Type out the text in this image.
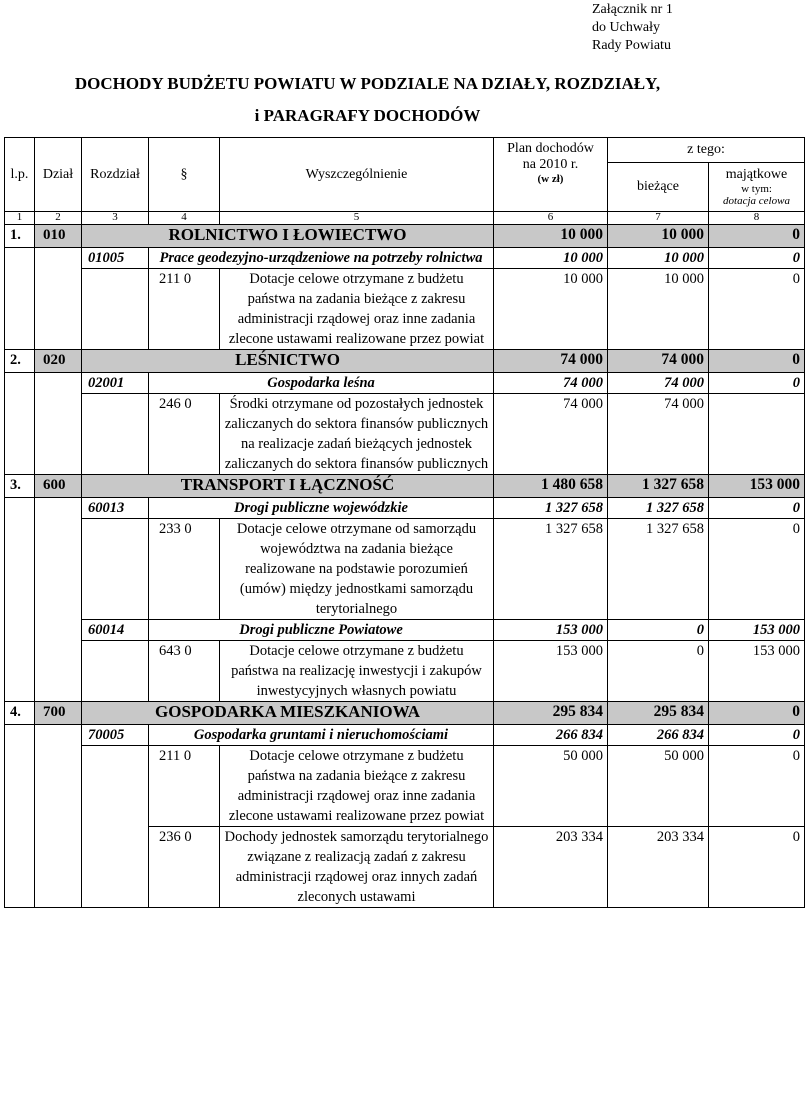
Załącznik nr 1
do Uchwały
Rady Powiatu
DOCHODY BUDŻETU POWIATU W PODZIALE NA DZIAŁY, ROZDZIAŁY,
i PARAGRAFY DOCHODÓW
l.p.	Dział	Rozdział	§	Wyszczególnienie	Plan dochodów
na 2010 r.
(w zł)	z tego:	
						bieżące	majątkowe
w tym:
dotacja celowa

1	2	3	4	5	6	7	8
1.	010	ROLNICTWO I ŁOWIECTWO			10 000	10 000	0
		01005	Prace geodezyjno-urządzeniowe na potrzeby rolnictwa		10 000	10 000	0
			211 0	Dotacje celowe otrzymane z budżetu państwa na zadania bieżące z zakresu administracji rządowej oraz inne zadania zlecone ustawami realizowane przez powiat	10 000	10 000	0
2.	020	LEŚNICTWO			74 000	74 000	0
		02001	Gospodarka leśna		74 000	74 000	0
			246 0	Środki otrzymane od pozostałych jednostek zaliczanych do sektora finansów publicznych na realizacje zadań bieżących jednostek zaliczanych do sektora finansów publicznych	74 000	74 000	
3.	600	TRANSPORT I ŁĄCZNOŚĆ			1 480 658	1 327 658	153 000
		60013	Drogi publiczne wojewódzkie		1 327 658	1 327 658	0
			233 0	Dotacje celowe otrzymane od samorządu województwa na zadania bieżące realizowane na podstawie porozumień (umów) między jednostkami samorządu terytorialnego	1 327 658	1 327 658	0
		60014	Drogi publiczne Powiatowe		153 000	0	153 000
			643 0	Dotacje celowe otrzymane z budżetu państwa na realizację inwestycji i zakupów inwestycyjnych własnych powiatu	153 000	0	153 000
4.	700	GOSPODARKA MIESZKANIOWA			295 834	295 834	0
		70005	Gospodarka gruntami i nieruchomościami		266 834	266 834	0
			211 0	Dotacje celowe otrzymane z budżetu państwa na zadania bieżące z zakresu administracji rządowej oraz inne zadania zlecone ustawami realizowane przez powiat	50 000	50 000	0
			236 0	Dochody jednostek samorządu terytorialnego związane z realizacją zadań z zakresu administracji rządowej oraz innych zadań zleconych ustawami	203 334	203 334	0
